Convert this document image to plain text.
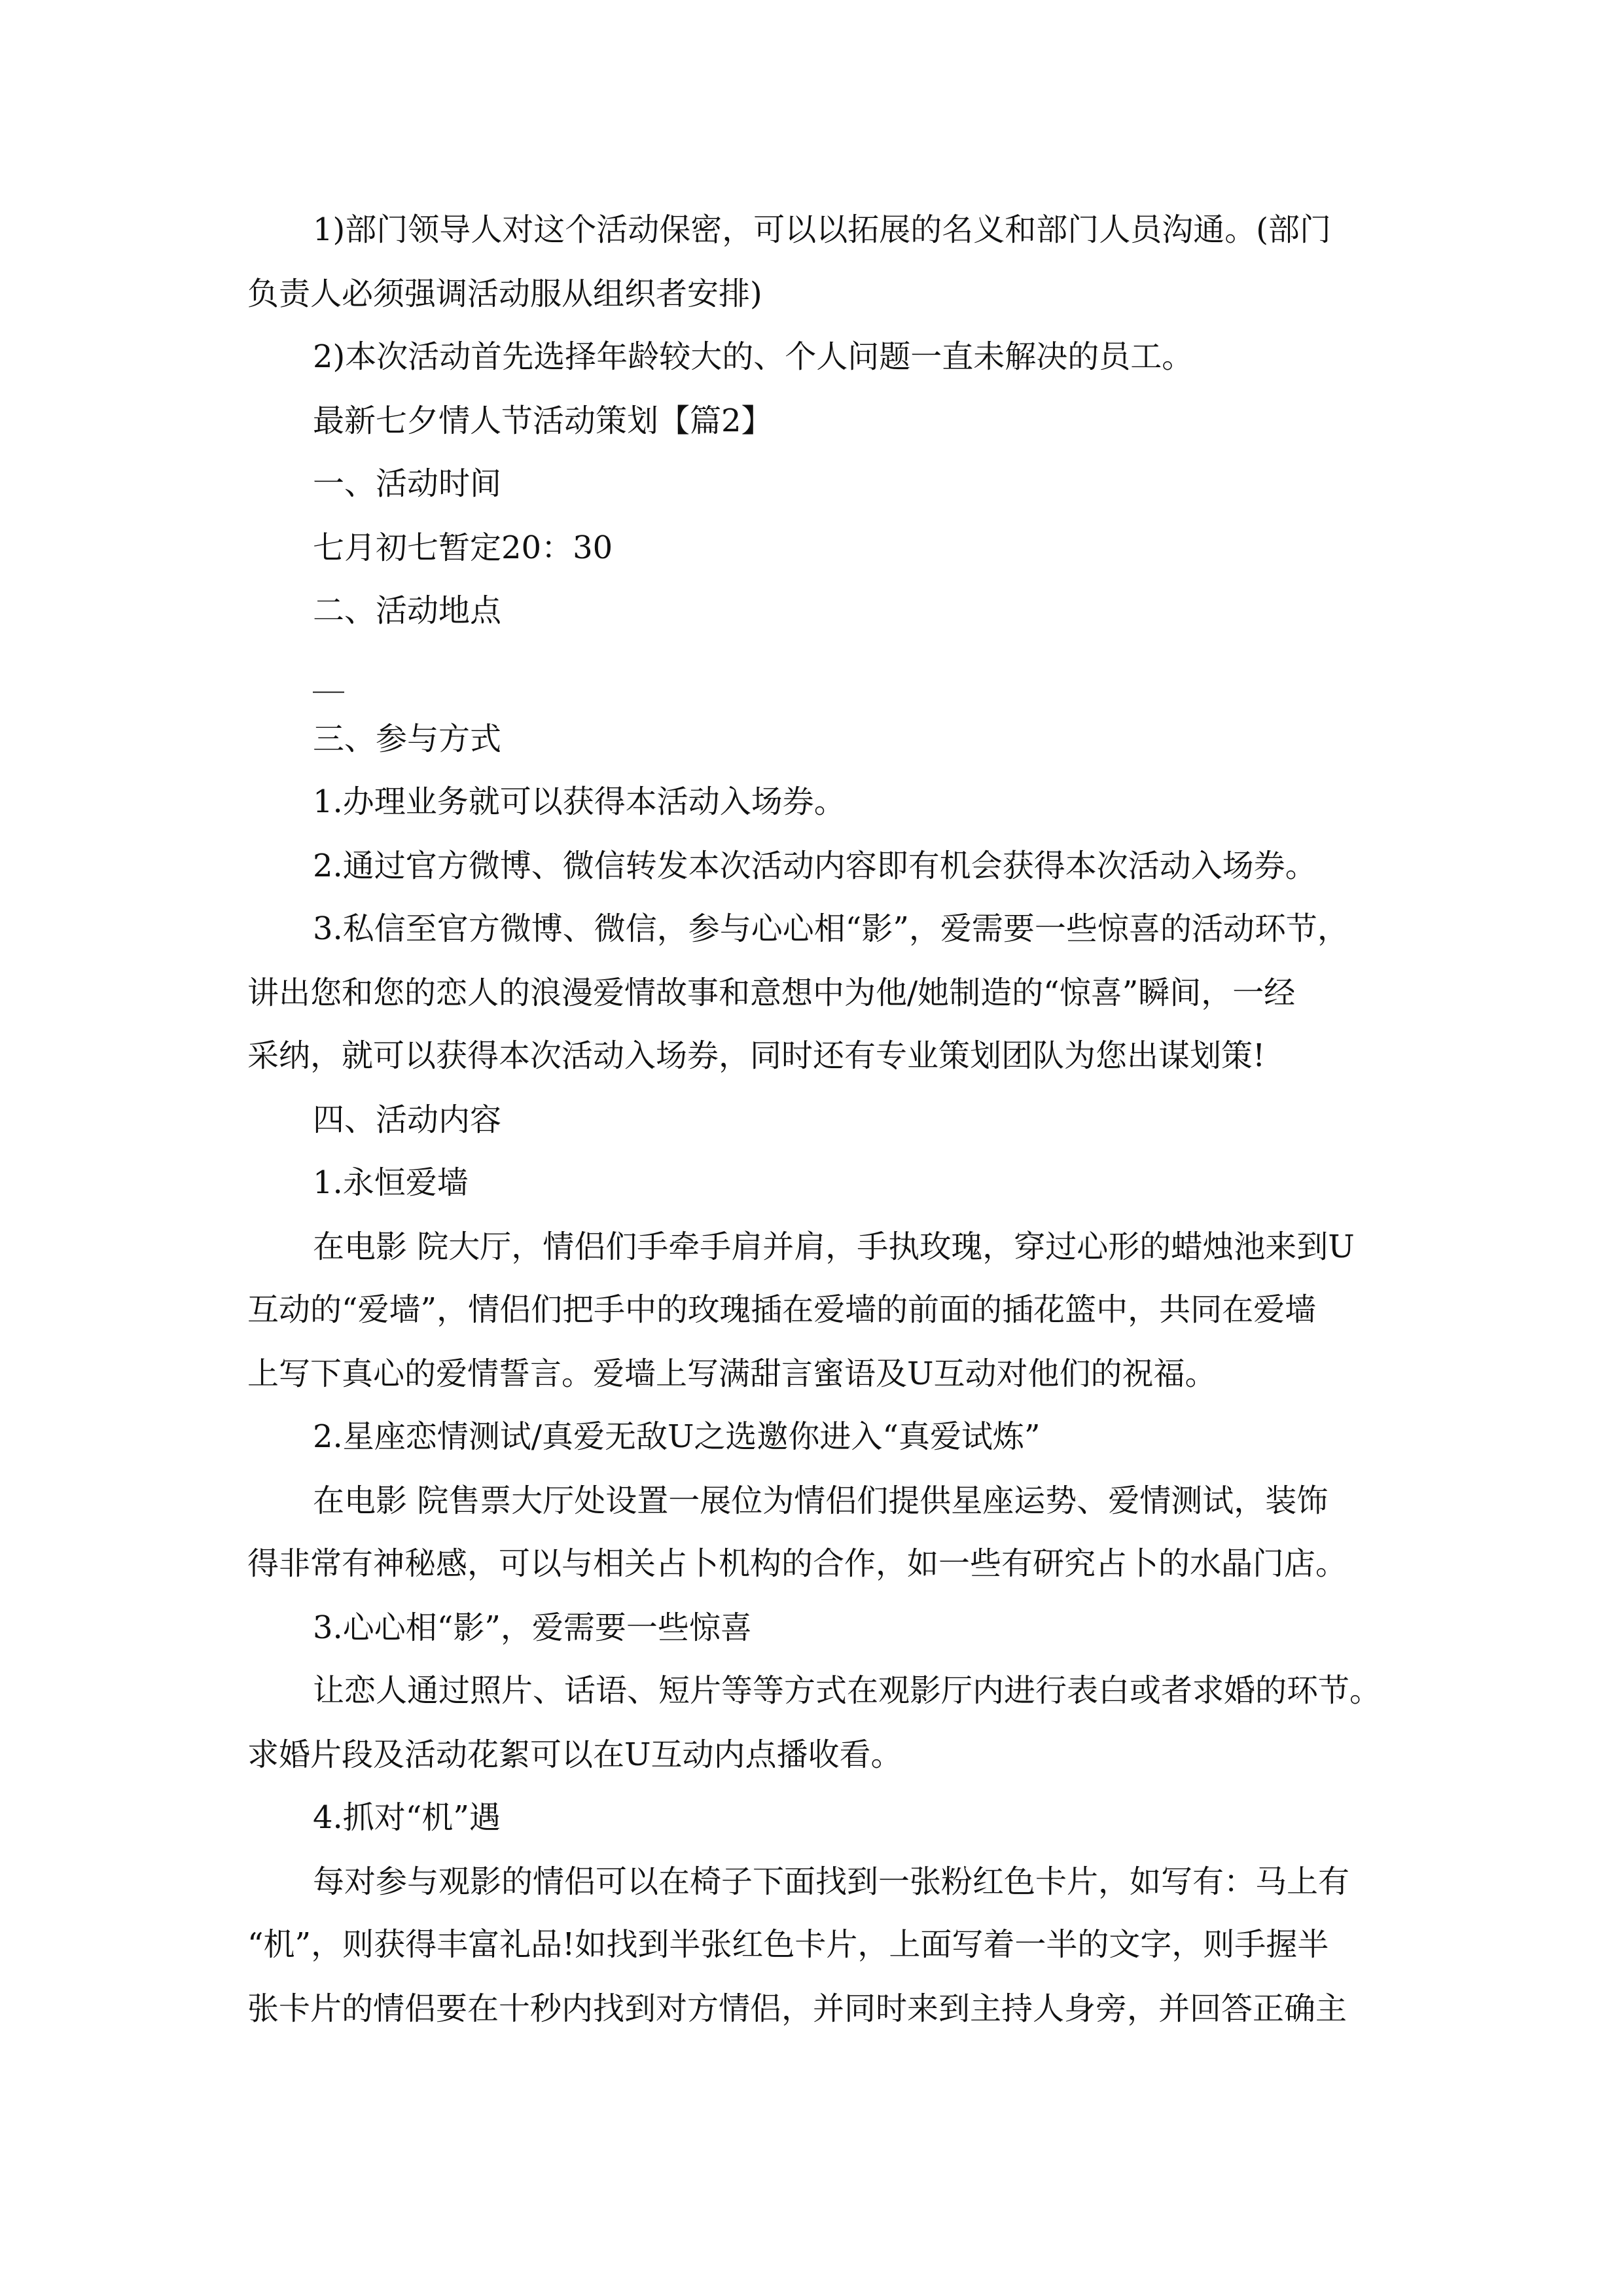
1)部门领导人对这个活动保密，可以以拓展的名义和部门人员沟通。(部门

负责人必须强调活动服从组织者安排)

2)本次活动首先选择年龄较大的、个人问题一直未解决的员工。

最新七夕情人节活动策划【篇2】

一、活动时间

七月初七暂定20：30

二、活动地点

__

三、参与方式

1.办理业务就可以获得本活动入场券。

2.通过官方微博、微信转发本次活动内容即有机会获得本次活动入场券。

3.私信至官方微博、微信，参与心心相“影”，爱需要一些惊喜的活动环节，

讲出您和您的恋人的浪漫爱情故事和意想中为他/她制造的“惊喜”瞬间，一经

采纳，就可以获得本次活动入场券，同时还有专业策划团队为您出谋划策!

四、活动内容

1.永恒爱墙

在电影 院大厅，情侣们手牵手肩并肩，手执玫瑰，穿过心形的蜡烛池来到U

互动的“爱墙”，情侣们把手中的玫瑰插在爱墙的前面的插花篮中，共同在爱墙

上写下真心的爱情誓言。爱墙上写满甜言蜜语及U互动对他们的祝福。

2.星座恋情测试/真爱无敌U之选邀你进入“真爱试炼”

在电影 院售票大厅处设置一展位为情侣们提供星座运势、爱情测试，装饰

得非常有神秘感，可以与相关占卜机构的合作，如一些有研究占卜的水晶门店。

3.心心相“影”，爱需要一些惊喜

让恋人通过照片、话语、短片等等方式在观影厅内进行表白或者求婚的环节。

求婚片段及活动花絮可以在U互动内点播收看。

4.抓对“机”遇

每对参与观影的情侣可以在椅子下面找到一张粉红色卡片，如写有：马上有

“机”，则获得丰富礼品!如找到半张红色卡片，上面写着一半的文字，则手握半

张卡片的情侣要在十秒内找到对方情侣，并同时来到主持人身旁，并回答正确主
